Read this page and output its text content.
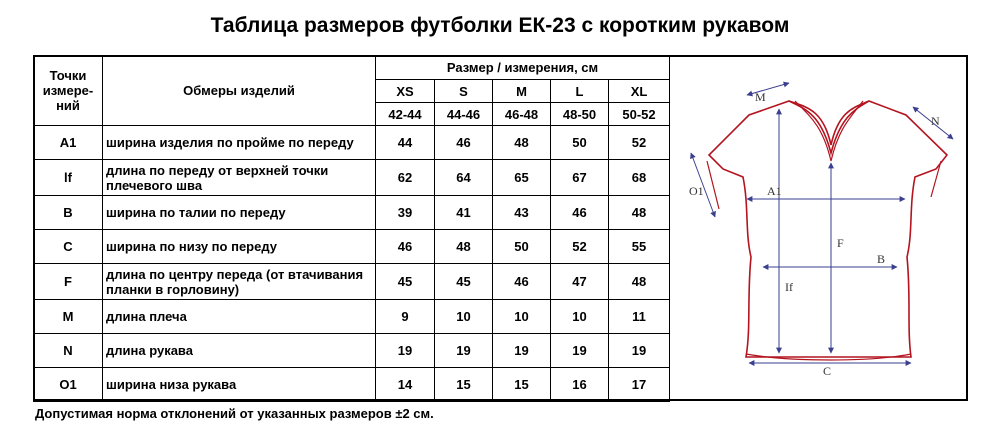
Таблица размеров футболки ЕК-23 с коротким рукавом
Точки измере-ний	Обмеры изделий	Размер / измерения, см				
		XS	S	M	L	XL
		42-44	44-46	46-48	48-50	50-52
A1	ширина изделия по пройме по переду	44	46	48	50	52
lf	длина по переду от верхней точки плечевого шва	62	64	65	67	68
B	ширина по талии по переду	39	41	43	46	48
C	ширина по низу по переду	46	48	50	52	55
F	длина по центру переда (от втачивания планки в горловину)	45	45	46	47	48
M	длина плеча	9	10	10	10	11
N	длина рукава	19	19	19	19	19
O1	ширина низа рукава	14	15	15	16	17
M
N
O1	A1
F
B
If
C
Допустимая норма отклонений от указанных размеров ±2 см.
